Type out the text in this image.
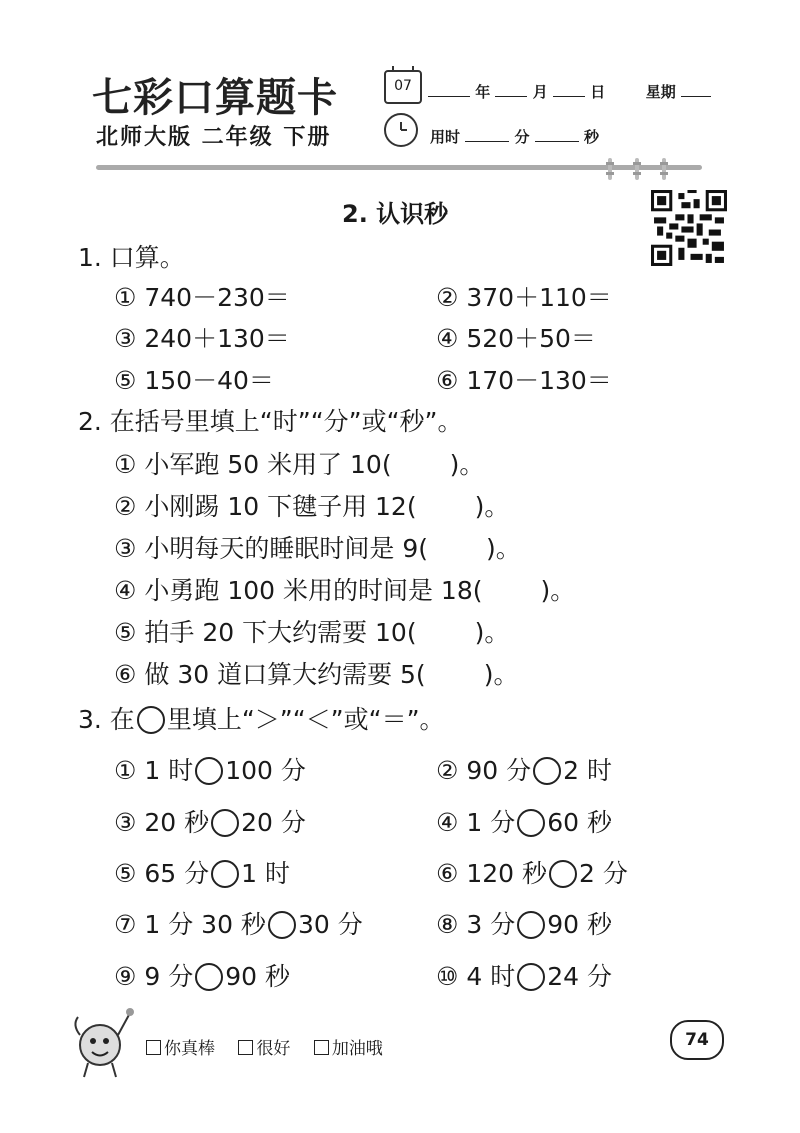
七彩口算题卡
北师大版 二年级 下册
07	年	月	日	星期
用时	分	秒
2. 认识秒
1. 口算。
① 740－230＝	② 370＋110＝
③ 240＋130＝	④ 520＋50＝
⑤ 150－40＝	⑥ 170－130＝
2. 在括号里填上“时”“分”或“秒”。
① 小军跑 50 米用了 10( )。
② 小刚踢 10 下毽子用 12( )。
③ 小明每天的睡眠时间是 9( )。
④ 小勇跑 100 米用的时间是 18( )。
⑤ 拍手 20 下大约需要 10( )。
⑥ 做 30 道口算大约需要 5( )。
3. 在 里填上“＞”“＜”或“＝”。
① 1 时 100 分	② 90 分 2 时
③ 20 秒 20 分	④ 1 分 60 秒
⑤ 65 分 1 时	⑥ 120 秒 2 分
⑦ 1 分 30 秒 30 分	⑧ 3 分 90 秒
⑨ 9 分 90 秒	⑩ 4 时 24 分
你真棒 很好 加油哦	74
